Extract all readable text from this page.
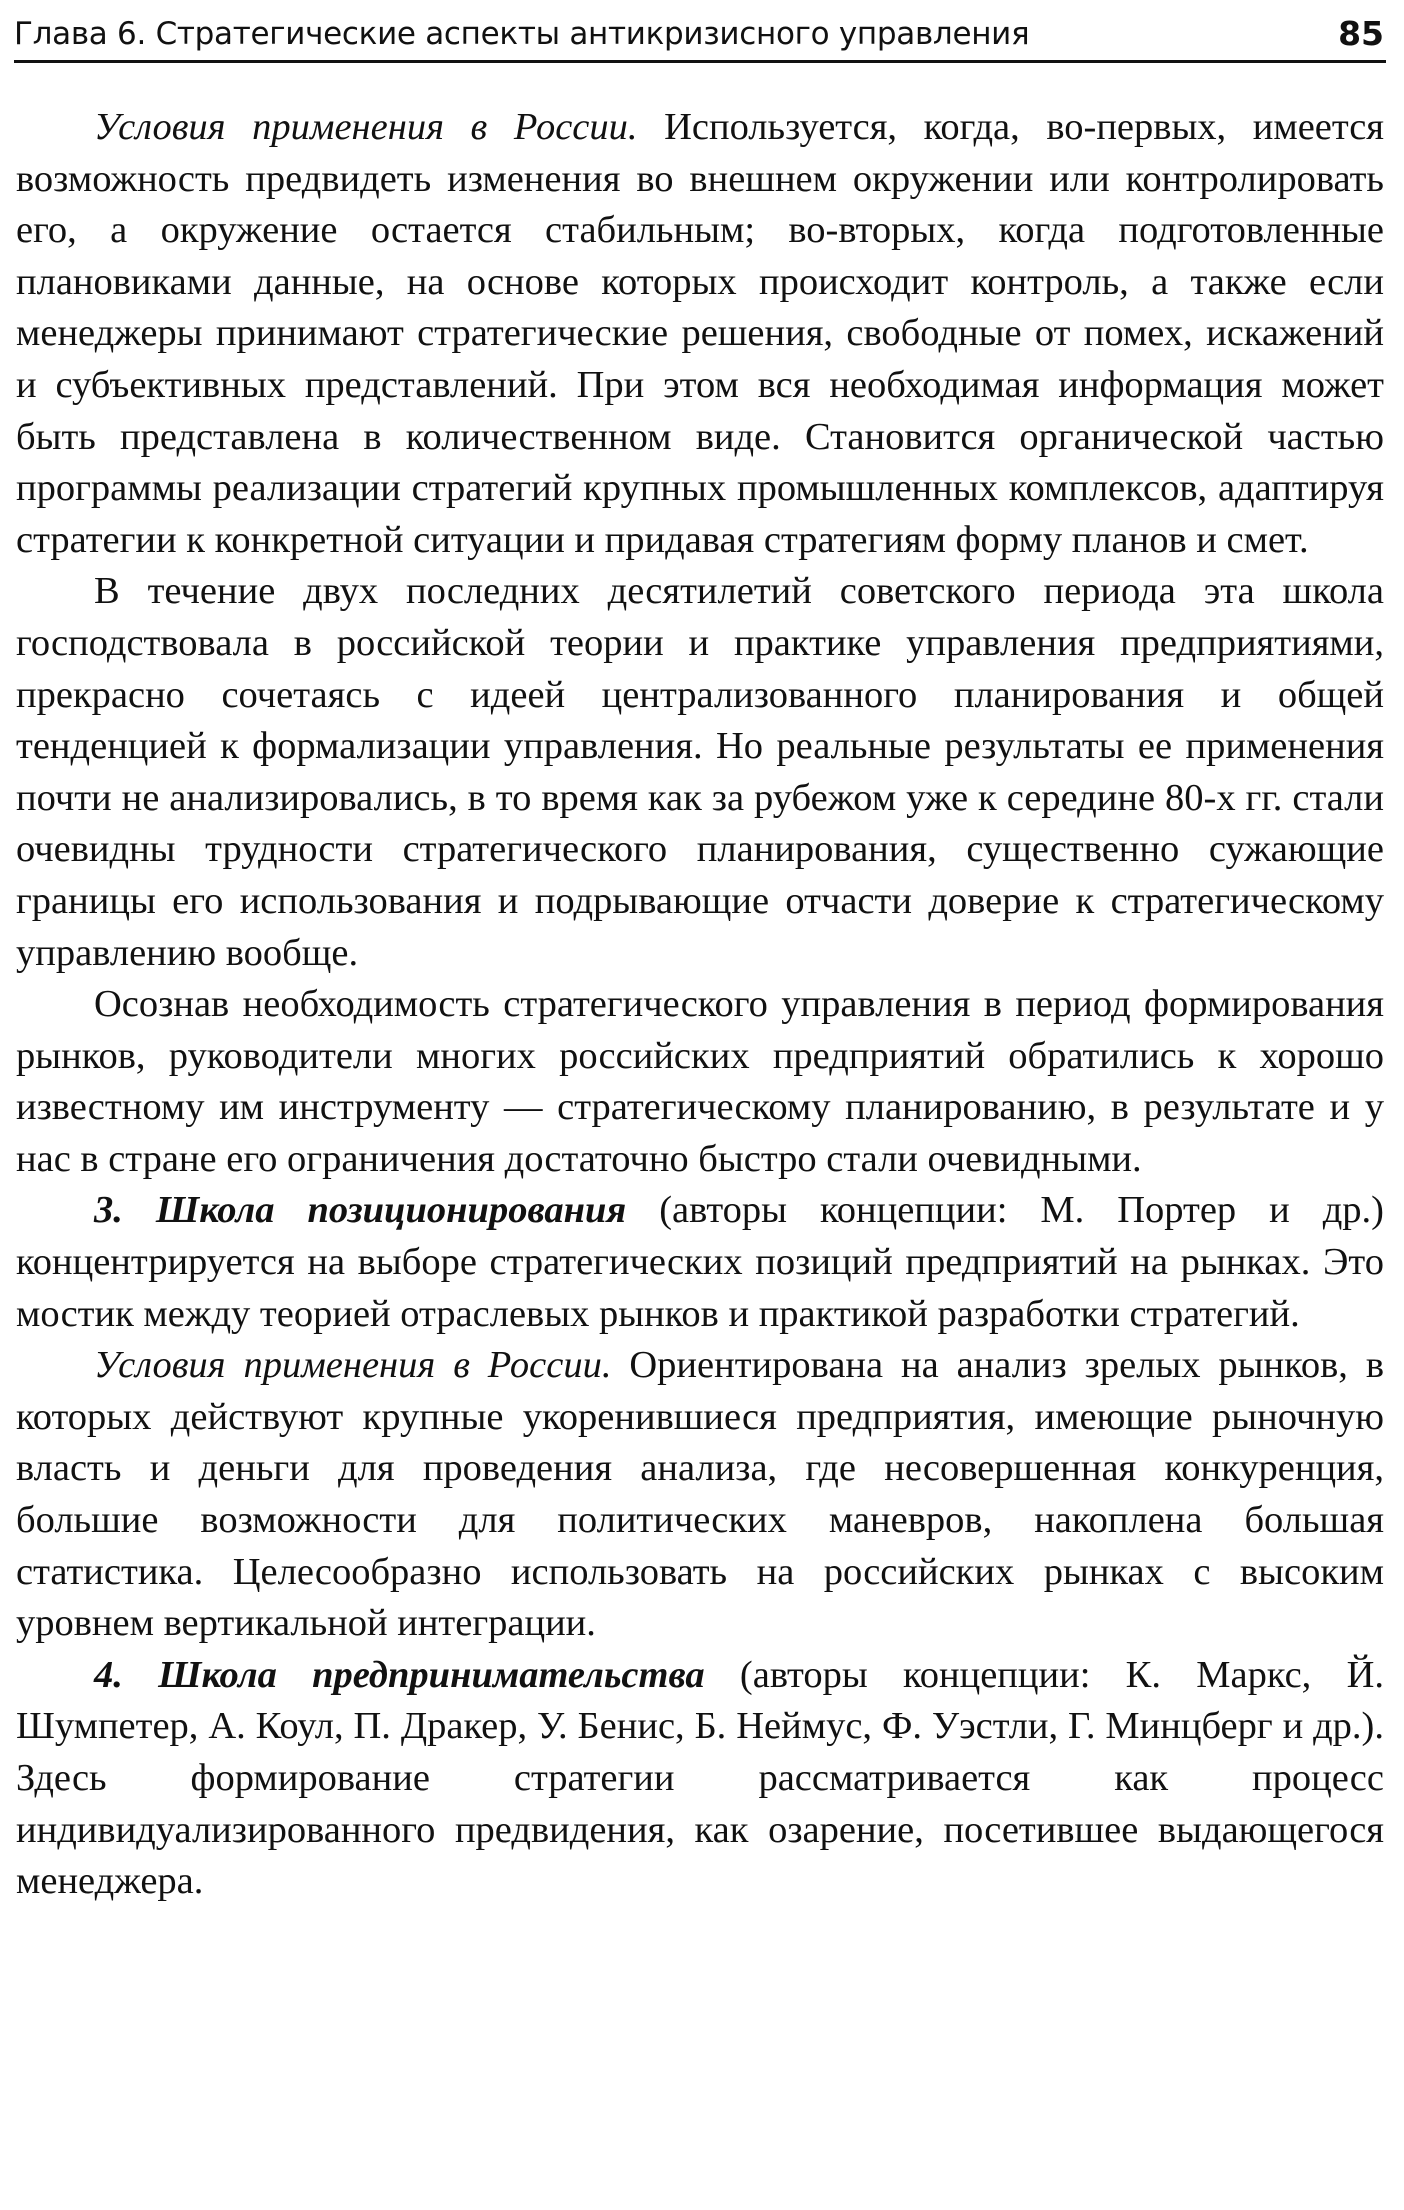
Глава 6. Стратегические аспекты антикризисного управления	85

Условия применения в России. Используется, когда, во-первых, имеется возможность предвидеть изменения во внешнем окружении или контролировать его, а окружение остается стабильным; во-вторых, когда подготовленные плановиками данные, на основе которых происходит контроль, а также если менеджеры принимают стратегические решения, свободные от помех, искажений и субъективных представлений. При этом вся необходимая информация может быть представлена в количественном виде. Становится органической частью программы реализации стратегий крупных промышленных комплексов, адаптируя стратегии к конкретной ситуации и придавая стратегиям форму планов и смет.

В течение двух последних десятилетий советского периода эта школа господствовала в российской теории и практике управления предприятиями, прекрасно сочетаясь с идеей централизованного планирования и общей тенденцией к формализации управления. Но реальные результаты ее применения почти не анализировались, в то время как за рубежом уже к середине 80-х гг. стали очевидны трудности стратегического планирования, существенно сужающие границы его использования и подрывающие отчасти доверие к стратегическому управлению вообще.

Осознав необходимость стратегического управления в период формирования рынков, руководители многих российских предприятий обратились к хорошо известному им инструменту — стратегическому планированию, в результате и у нас в стране его ограничения достаточно быстро стали очевидными.

3. Школа позиционирования (авторы концепции: М. Портер и др.) концентрируется на выборе стратегических позиций предприятий на рынках. Это мостик между теорией отраслевых рынков и практикой разработки стратегий.

Условия применения в России. Ориентирована на анализ зрелых рынков, в которых действуют крупные укоренившиеся предприятия, имеющие рыночную власть и деньги для проведения анализа, где несовершенная конкуренция, большие возможности для политических маневров, накоплена большая статистика. Целесообразно использовать на российских рынках с высоким уровнем вертикальной интеграции.

4. Школа предпринимательства (авторы концепции: К. Маркс, Й. Шумпетер, А. Коул, П. Дракер, У. Бенис, Б. Неймус, Ф. Уэстли, Г. Минцберг и др.). Здесь формирование стратегии рассматривается как процесс индивидуализированного предвидения, как озарение, посетившее выдающегося менеджера.
